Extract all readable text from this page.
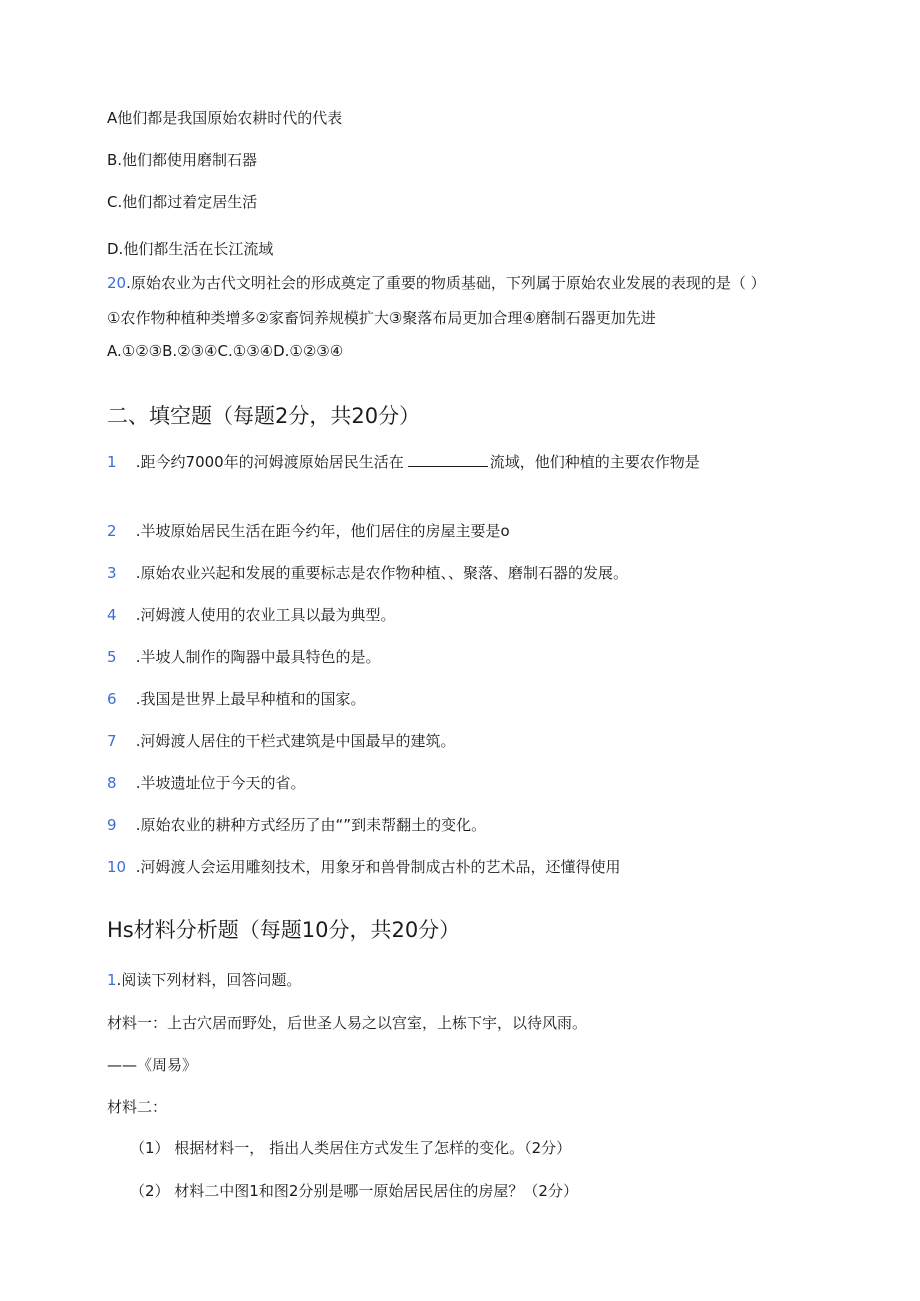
A他们都是我国原始农耕时代的代表
B.他们都使用磨制石器
C.他们都过着定居生活
D.他们都生活在长江流域
20.原始农业为古代文明社会的形成奠定了重要的物质基础，下列属于原始农业发展的表现的是（ ）
①农作物种植种类增多②家畜饲养规模扩大③聚落布局更加合理④磨制石器更加先进
A.①②③B.②③④C.①③④D.①②③④
二、填空题（每题2分，共20分）
1 .距今约7000年的河姆渡原始居民生活在	流域，他们种植的主要农作物是
2 .半坡原始居民生活在距今约年，他们居住的房屋主要是o
3 .原始农业兴起和发展的重要标志是农作物种植、、聚落、磨制石器的发展。
4 .河姆渡人使用的农业工具以最为典型。
5 .半坡人制作的陶器中最具特色的是。
6 .我国是世界上最早种植和的国家。
7 .河姆渡人居住的干栏式建筑是中国最早的建筑。
8 .半坡遗址位于今天的省。
9 .原始农业的耕种方式经历了由“”到耒帮翻土的变化。
10 .河姆渡人会运用雕刻技术，用象牙和兽骨制成古朴的艺术品，还懂得使用
Hs材料分析题（每题10分，共20分）
1.阅读下列材料，回答问题。
材料一：上古穴居而野处，后世圣人易之以宫室，上栋下宇，以待风雨。
——《周易》
材料二：
（1） 根据材料一， 指出人类居住方式发生了怎样的变化。（2分）
（2） 材料二中图1和图2分别是哪一原始居民居住的房屋？（2分）
